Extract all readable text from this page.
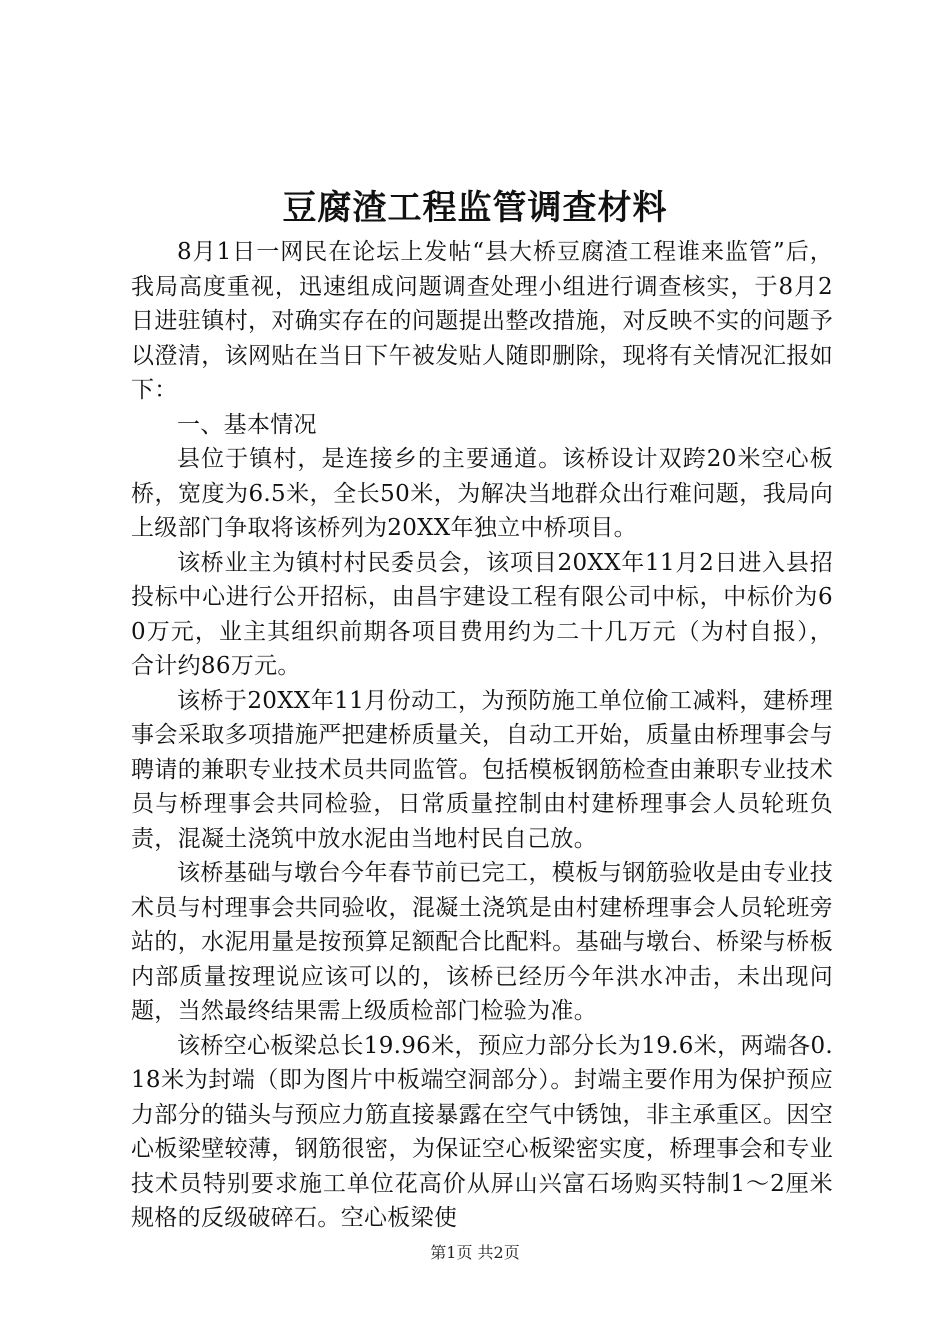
豆腐渣工程监管调查材料

8月1日一网民在论坛上发帖“县大桥豆腐渣工程谁来监管”后，我局高度重视，迅速组成问题调查处理小组进行调查核实，于8月2日进驻镇村，对确实存在的问题提出整改措施，对反映不实的问题予以澄清，该网贴在当日下午被发贴人随即删除，现将有关情况汇报如下：

一、基本情况

县位于镇村，是连接乡的主要通道。该桥设计双跨20米空心板桥，宽度为6.5米，全长50米，为解决当地群众出行难问题，我局向上级部门争取将该桥列为20XX年独立中桥项目。

该桥业主为镇村村民委员会，该项目20XX年11月2日进入县招投标中心进行公开招标，由昌宇建设工程有限公司中标，中标价为60万元，业主其组织前期各项目费用约为二十几万元（为村自报），合计约86万元。

该桥于20XX年11月份动工，为预防施工单位偷工减料，建桥理事会采取多项措施严把建桥质量关，自动工开始，质量由桥理事会与聘请的兼职专业技术员共同监管。包括模板钢筋检查由兼职专业技术员与桥理事会共同检验，日常质量控制由村建桥理事会人员轮班负责，混凝土浇筑中放水泥由当地村民自己放。

该桥基础与墩台今年春节前已完工，模板与钢筋验收是由专业技术员与村理事会共同验收，混凝土浇筑是由村建桥理事会人员轮班旁站的，水泥用量是按预算足额配合比配料。基础与墩台、桥梁与桥板内部质量按理说应该可以的，该桥已经历今年洪水冲击，未出现问题，当然最终结果需上级质检部门检验为准。

该桥空心板梁总长19.96米，预应力部分长为19.6米，两端各0.18米为封端（即为图片中板端空洞部分）。封端主要作用为保护预应力部分的锚头与预应力筋直接暴露在空气中锈蚀，非主承重区。因空心板梁壁较薄，钢筋很密，为保证空心板梁密实度，桥理事会和专业技术员特别要求施工单位花高价从屏山兴富石场购买特制1～2厘米规格的反级破碎石。空心板梁使

第1页 共2页
